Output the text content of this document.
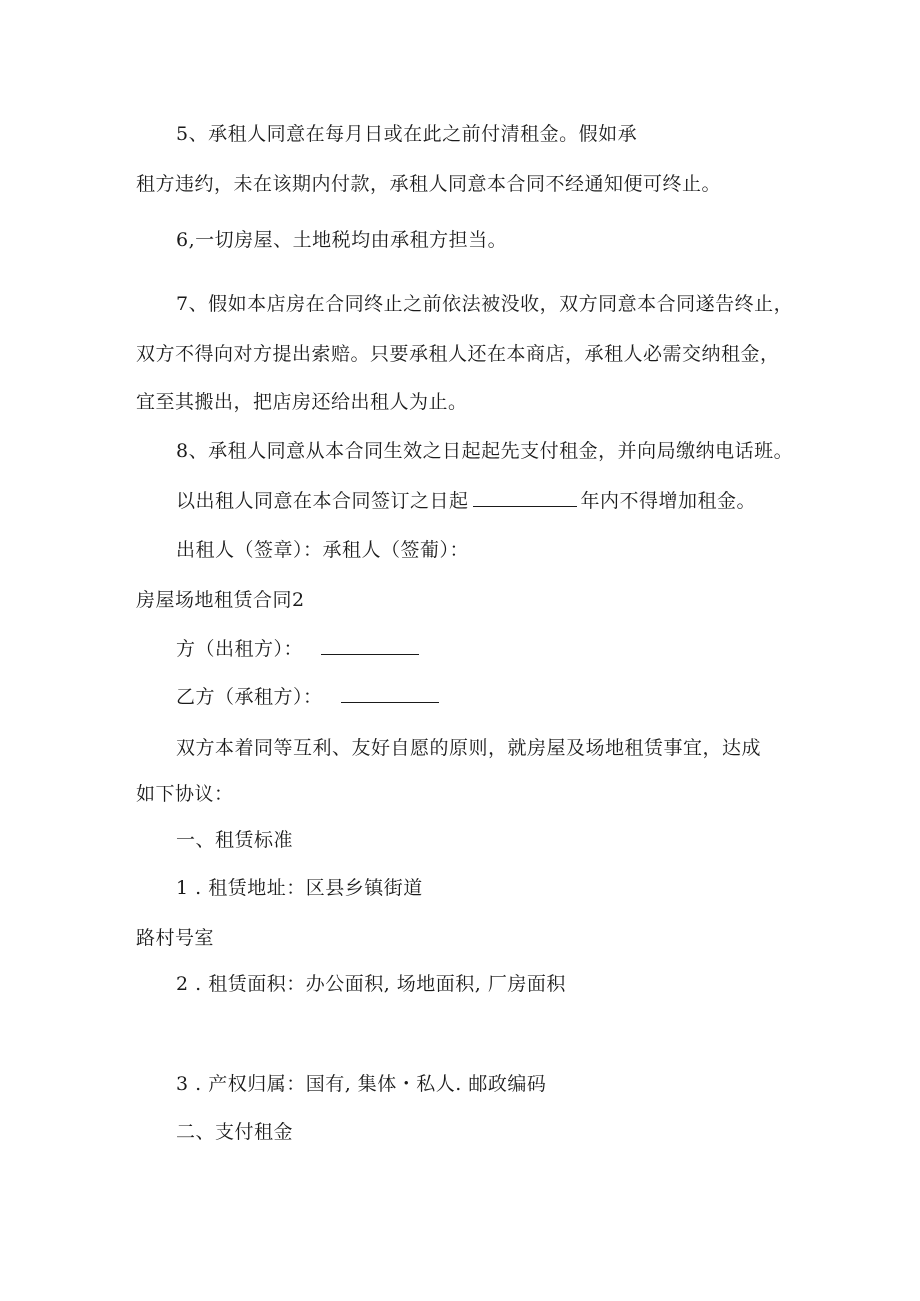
5、承租人同意在每月日或在此之前付清租金。假如承
租方违约，未在该期内付款，承租人同意本合同不经通知便可终止。
6,一切房屋、土地税均由承租方担当。
7、假如本店房在合同终止之前依法被没收，双方同意本合同遂告终止，
双方不得向对方提出索赔。只要承租人还在本商店，承租人必需交纳租金，
宜至其搬出，把店房还给出租人为止。
8、承租人同意从本合同生效之日起起先支付租金，并向局缴纳电话班。
以出租人同意在本合同签订之日起	年内不得增加租金。
出租人（签章）：承租人（签葡）：
房屋场地租赁合同2
方（出租方）：
乙方（承租方）：
双方本着同等互利、友好自愿的原则，就房屋及场地租赁事宜，达成
如下协议：
一、租赁标准
1 . 租赁地址：区县乡镇街道
路村号室
2 . 租赁面积：办公面积, 场地面积, 厂房面积
3 . 产权归属：国有, 集体・私人. 邮政编码
二、支付租金
